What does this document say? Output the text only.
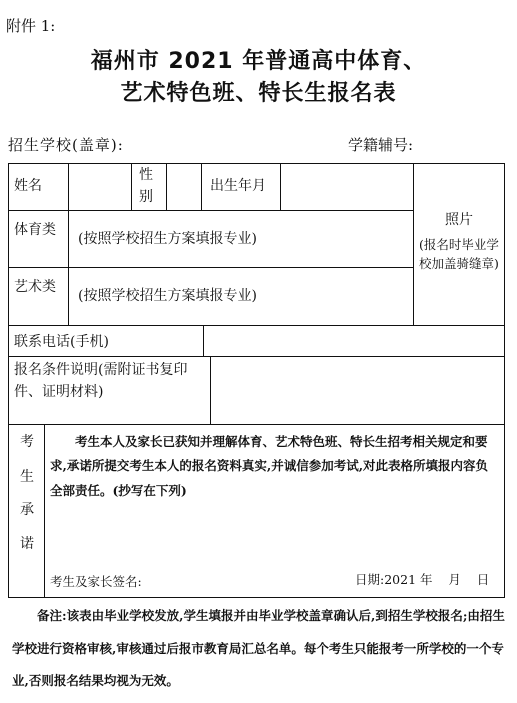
附件 1:
福州市 2021 年普通高中体育、
艺术特色班、特长生报名表
招生学校(盖章):	学籍辅号:
姓名
性
别
出生年月
照片
(报名时毕业学校加盖骑缝章)
体育类
(按照学校招生方案填报专业)
艺术类
(按照学校招生方案填报专业)
联系电话(手机)
报名条件说明(需附证书复印件、证明材料)
考
生
承
诺
考生本人及家长已获知并理解体育、艺术特色班、特长生招考相关规定和要求,承诺所提交考生本人的报名资料真实,并诚信参加考试,对此表格所填报内容负全部责任。(抄写在下列)
考生及家长签名:	日期:2021 年    月    日
备注:该表由毕业学校发放,学生填报并由毕业学校盖章确认后,到招生学校报名;由招生学校进行资格审核,审核通过后报市教育局汇总名单。每个考生只能报考一所学校的一个专业,否则报名结果均视为无效。
